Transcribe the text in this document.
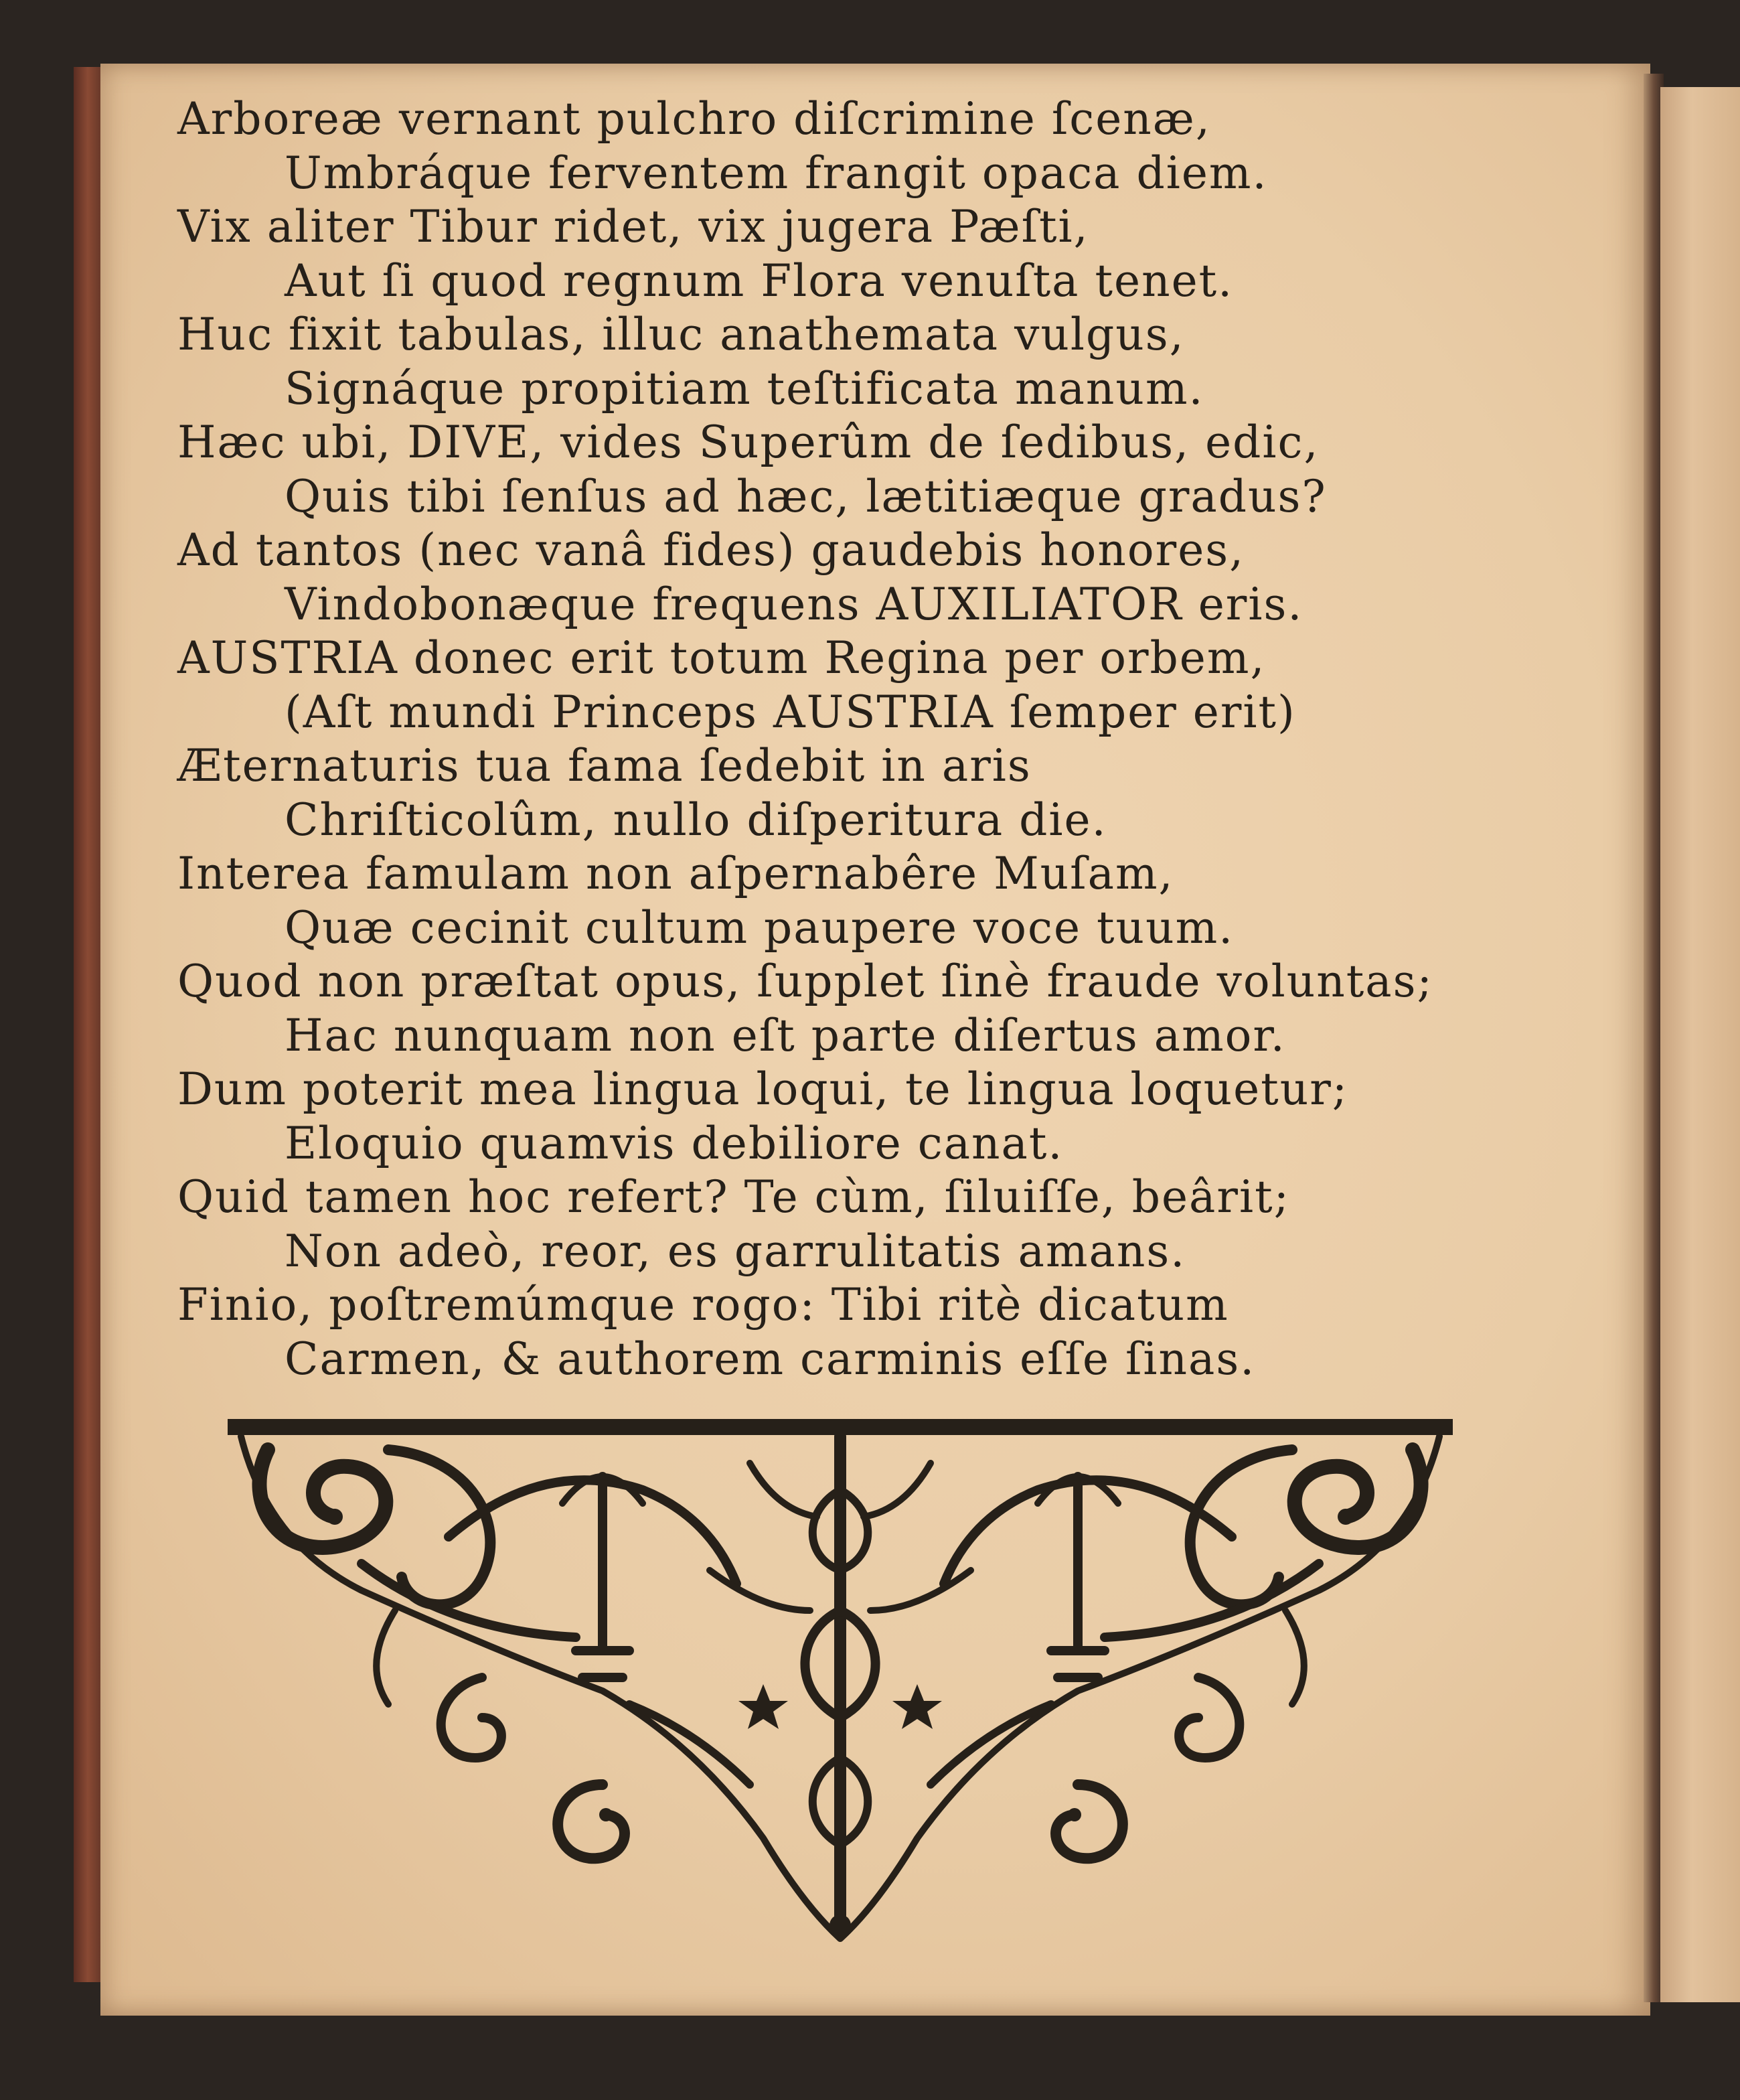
Arboreæ vernant pulchro diſcrimine ſcenæ,
Umbráque ferventem frangit opaca diem.
Vix aliter Tibur ridet, vix jugera Pæſti,
Aut ſi quod regnum Flora venuſta tenet.
Huc fixit tabulas, illuc anathemata vulgus,
Signáque propitiam teſtificata manum.
Hæc ubi, DIVE, vides Superûm de ſedibus, edic,
Quis tibi ſenſus ad hæc, lætitiæque gradus?
Ad tantos (nec vanâ fides) gaudebis honores,
Vindobonæque frequens AUXILIATOR eris.
AUSTRIA donec erit totum Regina per orbem,
(Aſt mundi Princeps AUSTRIA ſemper erit)
Æternaturis tua fama ſedebit in aris
Chriſticolûm, nullo diſperitura die.
Interea famulam non aſpernabêre Muſam,
Quæ cecinit cultum paupere voce tuum.
Quod non præſtat opus, ſupplet ſinè fraude voluntas;
Hac nunquam non eſt parte diſertus amor.
Dum poterit mea lingua loqui, te lingua loquetur;
Eloquio quamvis debiliore canat.
Quid tamen hoc refert? Te cùm, ſiluiſſe, beârit;
Non adeò, reor, es garrulitatis amans.
Finio, poſtremúmque rogo: Tibi ritè dicatum
Carmen, & authorem carminis eſſe ſinas.
